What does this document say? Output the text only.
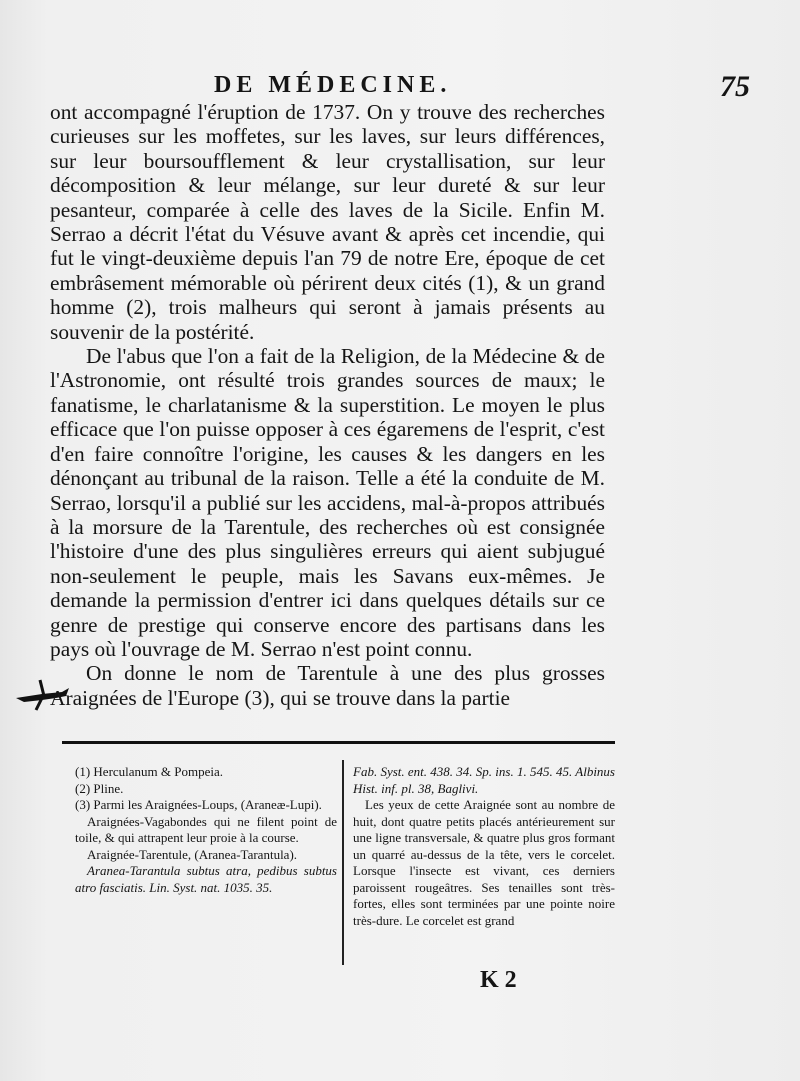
DE MÉDECINE.	75

ont accompagné l'éruption de 1737. On y trouve des recherches curieuses sur les moffetes, sur les laves, sur leurs différences, sur leur boursoufflement & leur crystallisation, sur leur décomposition & leur mélange, sur leur dureté & sur leur pesanteur, comparée à celle des laves de la Sicile. Enfin M. Serrao a décrit l'état du Vésuve avant & après cet incendie, qui fut le vingt-deuxième depuis l'an 79 de notre Ere, époque de cet embrâsement mémorable où périrent deux cités (1), & un grand homme (2), trois malheurs qui seront à jamais présents au souvenir de la postérité.

De l'abus que l'on a fait de la Religion, de la Médecine & de l'Astronomie, ont résulté trois grandes sources de maux; le fanatisme, le charlatanisme & la superstition. Le moyen le plus efficace que l'on puisse opposer à ces égaremens de l'esprit, c'est d'en faire connoître l'origine, les causes & les dangers en les dénonçant au tribunal de la raison. Telle a été la conduite de M. Serrao, lorsqu'il a publié sur les accidens, mal-à-propos attribués à la morsure de la Tarentule, des recherches où est consignée l'histoire d'une des plus singulières erreurs qui aient subjugué non-seulement le peuple, mais les Savans eux-mêmes. Je demande la permission d'entrer ici dans quelques détails sur ce genre de prestige qui conserve encore des partisans dans les pays où l'ouvrage de M. Serrao n'est point connu.

On donne le nom de Tarentule à une des plus grosses Araignées de l'Europe (3), qui se trouve dans la partie

(1) Herculanum & Pompeia.

(2) Pline.

(3) Parmi les Araignées-Loups, (Araneæ-Lupi).

Araignées-Vagabondes qui ne filent point de toile, & qui attrapent leur proie à la course.

Araignée-Tarentule, (Aranea-Tarantula).

Aranea-Tarantula subtus atra, pedibus subtus atro fasciatis. Lin. Syst. nat. 1035. 35.

Fab. Syst. ent. 438. 34. Sp. ins. 1. 545. 45. Albinus Hist. inf. pl. 38, Baglivi.

Les yeux de cette Araignée sont au nombre de huit, dont quatre petits placés antérieurement sur une ligne transversale, & quatre plus gros formant un quarré au-dessus de la tête, vers le corcelet. Lorsque l'insecte est vivant, ces derniers paroissent rougeâtres. Ses tenailles sont très-fortes, elles sont terminées par une pointe noire très-dure. Le corcelet est grand

K 2
